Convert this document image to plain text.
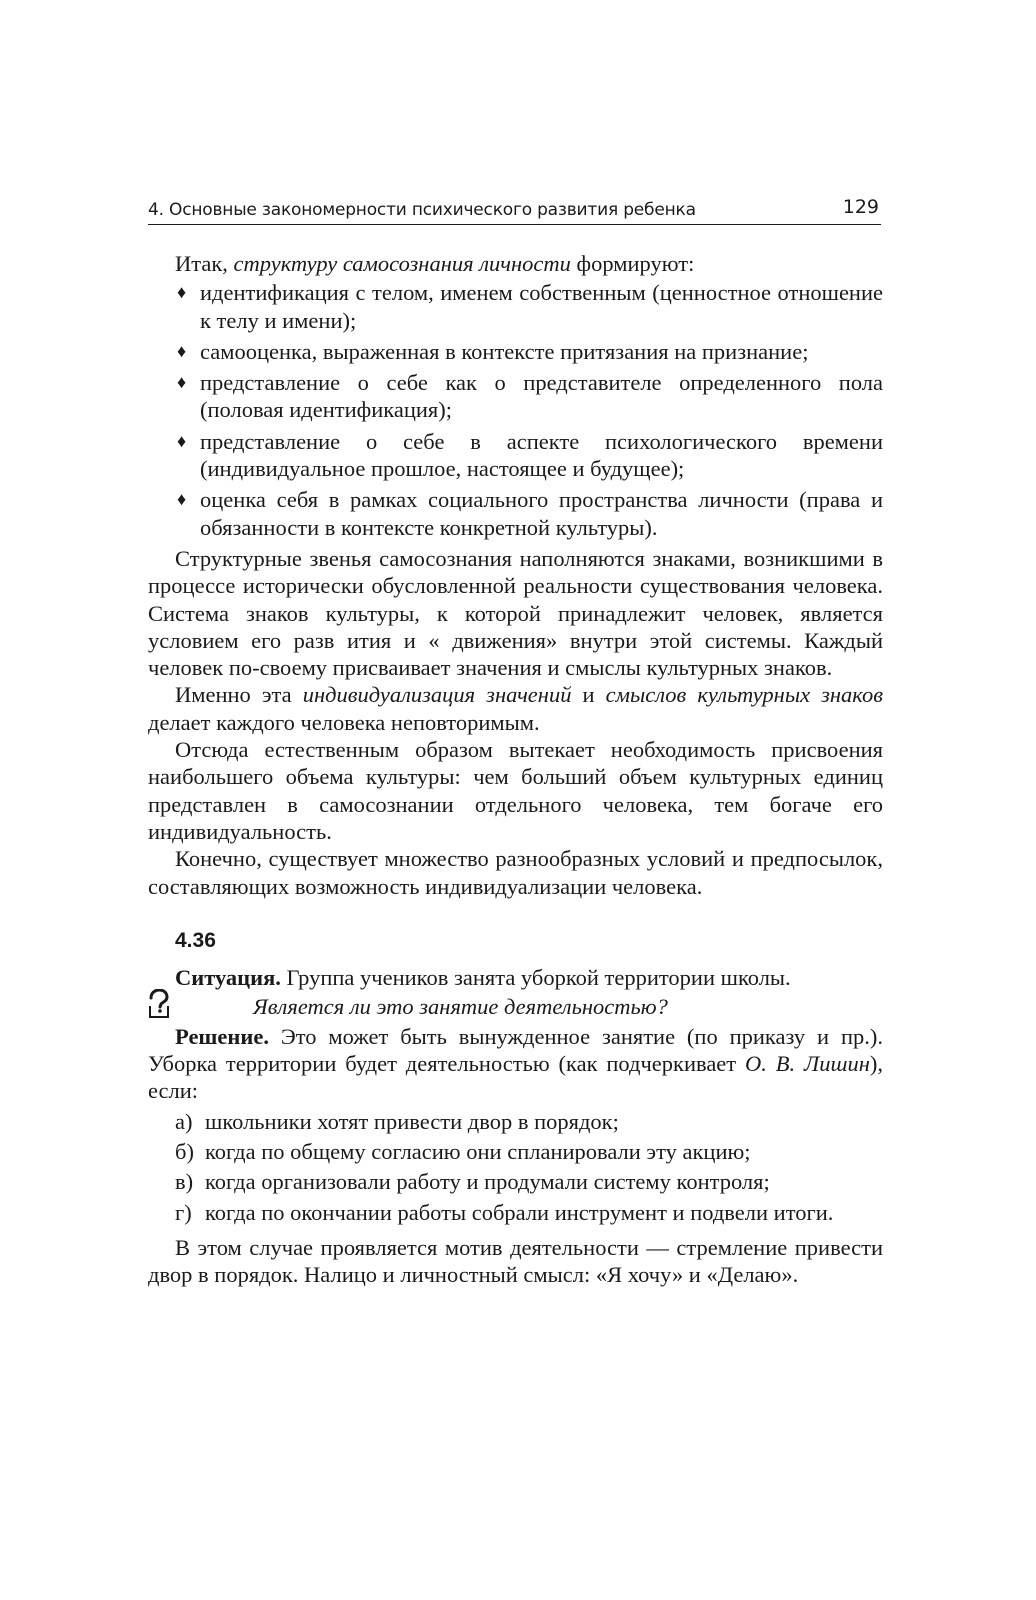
4. Основные закономерности психического развития ребенка	129

Итак, структуру самосознания личности формируют:

♦ идентификация с телом, именем собственным (ценностное отношение к телу и имени);
♦ самооценка, выраженная в контексте притязания на признание;
♦ представление о себе как о представителе определенного пола (половая идентификация);
♦ представление о себе в аспекте психологического времени (индивидуальное прошлое, настоящее и будущее);
♦ оценка себя в рамках социального пространства личности (права и обязанности в контексте конкретной культуры).

Структурные звенья самосознания наполняются знаками, возникшими в процессе исторически обусловленной реальности существования человека. Система знаков культуры, к которой принадлежит человек, является условием его разв ития и « движения» внутри этой системы. Каждый человек по-своему присваивает значения и смыслы культурных знаков.

Именно эта индивидуализация значений и смыслов культурных знаков делает каждого человека неповторимым.

Отсюда естественным образом вытекает необходимость присвоения наибольшего объема культуры: чем больший объем культурных единиц представлен в самосознании отдельного человека, тем богаче его индивидуальность.

Конечно, существует множество разнообразных условий и предпосылок, составляющих возможность индивидуализации человека.

4.36

Ситуация. Группа учеников занята уборкой территории школы.

Является ли это занятие деятельностью?

Решение. Это может быть вынужденное занятие (по приказу и пр.). Уборка территории будет деятельностью (как подчеркивает О. В. Лишин), если:

а) школьники хотят привести двор в порядок;
б) когда по общему согласию они спланировали эту акцию;
в) когда организовали работу и продумали систему контроля;
г) когда по окончании работы собрали инструмент и подвели итоги.

В этом случае проявляется мотив деятельности — стремление привести двор в порядок. Налицо и личностный смысл: «Я хочу» и «Делаю».
